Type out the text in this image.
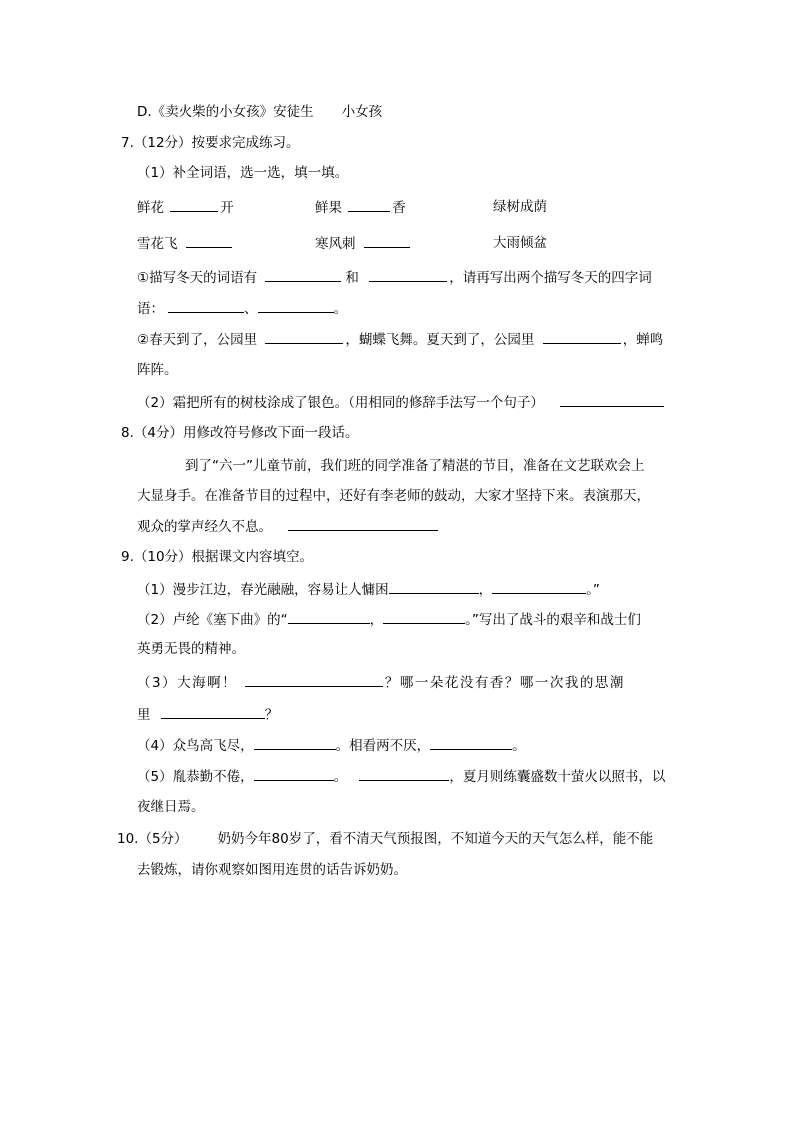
D.《卖火柴的小女孩》安徒生 小女孩
7.（12分）按要求完成练习。
（1）补全词语，选一选，填一填。
鲜花	开	鲜果	香	绿树成荫
雪花飞	寒风刺	大雨倾盆
①描写冬天的词语有	和	，请再写出两个描写冬天的四字词
语：	、	。
②春天到了，公园里	，蝴蝶飞舞。夏天到了，公园里	，蝉鸣
阵阵。
（2）霜把所有的树枝涂成了银色。（用相同的修辞手法写一个句子）
8.（4分）用修改符号修改下面一段话。
到了“六一”儿童节前，我们班的同学准备了精湛的节目，准备在文艺联欢会上
大显身手。在准备节目的过程中，还好有李老师的鼓动，大家才坚持下来。表演那天，
观众的掌声经久不息。
9.（10分）根据课文内容填空。
（1）漫步江边，春光融融，容易让人慵困	，	。”
（2）卢纶《塞下曲》的“	，	。”写出了战斗的艰辛和战士们
英勇无畏的精神。
（3）大海啊！	？哪一朵花没有香？哪一次我的思潮
里	？
（4）众鸟高飞尽，	。相看两不厌，	。
（5）胤恭勤不倦，	。	，夏月则练囊盛数十萤火以照书，以
夜继日焉。
10.（5分） 奶奶今年80岁了，看不清天气预报图，不知道今天的天气怎么样，能不能
去锻炼，请你观察如图用连贯的话告诉奶奶。
